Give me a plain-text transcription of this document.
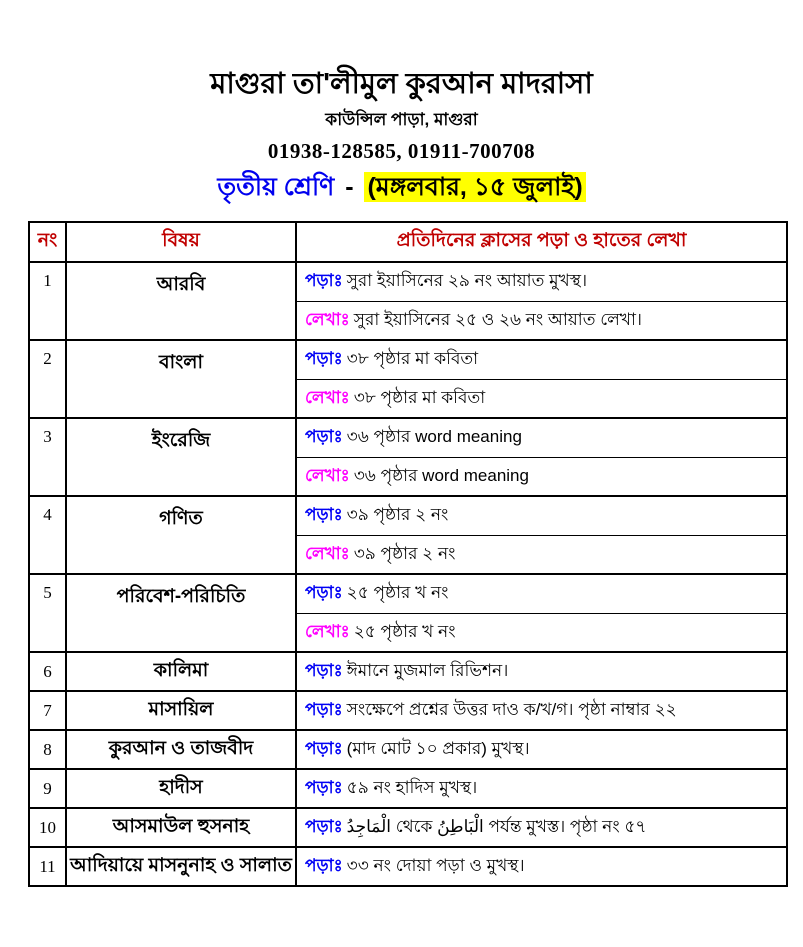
মাগুরা তা'লীমুল কুরআন মাদরাসা
কাউন্সিল পাড়া, মাগুরা
01938-128585, 01911-700708
তৃতীয় শ্রেণি - (মঙ্গলবার, ১৫ জুলাই)
নং	বিষয়	প্রতিদিনের ক্লাসের পড়া ও হাতের লেখা
1	আরবি	পড়াঃ সুরা ইয়াসিনের ২৯ নং আয়াত মুখস্থ।
		লেখাঃ সুরা ইয়াসিনের ২৫ ও ২৬ নং আয়াত লেখা।
2	বাংলা	পড়াঃ ৩৮ পৃষ্ঠার মা কবিতা
		লেখাঃ ৩৮ পৃষ্ঠার মা কবিতা
3	ইংরেজি	পড়াঃ ৩৬ পৃষ্ঠার word meaning
		লেখাঃ ৩৬ পৃষ্ঠার word meaning
4	গণিত	পড়াঃ ৩৯ পৃষ্ঠার ২ নং
		লেখাঃ ৩৯ পৃষ্ঠার ২ নং
5	পরিবেশ-পরিচিতি	পড়াঃ ২৫ পৃষ্ঠার খ নং
		লেখাঃ ২৫ পৃষ্ঠার খ নং
6	কালিমা	পড়াঃ ঈমানে মুজমাল রিভিশন।
7	মাসায়িল	পড়াঃ সংক্ষেপে প্রশ্নের উত্তর দাও ক/খ/গ। পৃষ্ঠা নাম্বার ২২
8	কুরআন ও তাজবীদ	পড়াঃ (মাদ মোট ১০ প্রকার) মুখস্থ।
9	হাদীস	পড়াঃ ৫৯ নং হাদিস মুখস্থ।
10	আসমাউল হুসনাহ	পড়াঃ الْمَاجِدُ থেকে الْبَاطِنُ পর্যন্ত মুখস্ত। পৃষ্ঠা নং ৫৭
11	আদিয়ায়ে মাসনুনাহ ও সালাত	পড়াঃ ৩৩ নং দোয়া পড়া ও মুখস্থ।
